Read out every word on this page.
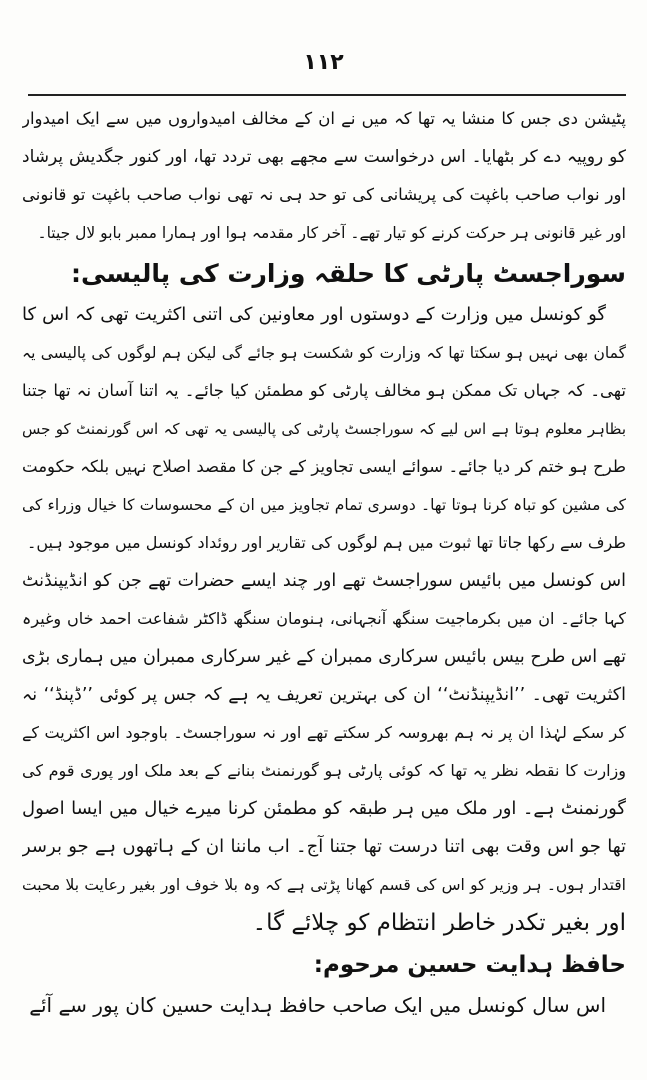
۱۱۲
پٹیشن دی جس کا منشا یہ تھا کہ میں نے ان کے مخالف امیدواروں میں سے ایک امیدوار
کو روپیہ دے کر بٹھایا۔ اس درخواست سے مجھے بھی تردد تھا، اور کنور جگدیش پرشاد
اور نواب صاحب باغپت کی پریشانی کی تو حد ہی نہ تھی نواب صاحب باغپت تو قانونی
اور غیر قانونی ہر حرکت کرنے کو تیار تھے۔ آخر کار مقدمہ ہوا اور ہمارا ممبر بابو لال جیتا۔
سوراجسٹ پارٹی کا حلقہ وزارت کی پالیسی:
گو کونسل میں وزارت کے دوستوں اور معاونین کی اتنی اکثریت تھی کہ اس کا
گمان بھی نہیں ہو سکتا تھا کہ وزارت کو شکست ہو جائے گی لیکن ہم لوگوں کی پالیسی یہ
تھی۔ کہ جہاں تک ممکن ہو مخالف پارٹی کو مطمئن کیا جائے۔ یہ اتنا آسان نہ تھا جتنا
بظاہر معلوم ہوتا ہے اس لیے کہ سوراجسٹ پارٹی کی پالیسی یہ تھی کہ اس گورنمنٹ کو جس
طرح ہو ختم کر دیا جائے۔ سوائے ایسی تجاویز کے جن کا مقصد اصلاح نہیں بلکہ حکومت
کی مشین کو تباہ کرنا ہوتا تھا۔ دوسری تمام تجاویز میں ان کے محسوسات کا خیال وزراء کی
طرف سے رکھا جاتا تھا ثبوت میں ہم لوگوں کی تقاریر اور روئداد کونسل میں موجود ہیں۔
اس کونسل میں بائیس سوراجسٹ تھے اور چند ایسے حضرات تھے جن کو انڈیپنڈنٹ
کہا جائے۔ ان میں بکرماجیت سنگھ آنجہانی، ہنومان سنگھ ڈاکٹر شفاعت احمد خاں وغیرہ
تھے اس طرح بیس بائیس سرکاری ممبران کے غیر سرکاری ممبران میں ہماری بڑی
اکثریت تھی۔ ’’انڈیپنڈنٹ‘‘ ان کی بہترین تعریف یہ ہے کہ جس پر کوئی ’’ڈپنڈ‘‘ نہ
کر سکے لہٰذا ان پر نہ ہم بھروسہ کر سکتے تھے اور نہ سوراجسٹ۔ باوجود اس اکثریت کے
وزارت کا نقطہ نظر یہ تھا کہ کوئی پارٹی ہو گورنمنٹ بنانے کے بعد ملک اور پوری قوم کی
گورنمنٹ ہے۔ اور ملک میں ہر طبقہ کو مطمئن کرنا میرے خیال میں ایسا اصول
تھا جو اس وقت بھی اتنا درست تھا جتنا آج۔ اب ماننا ان کے ہاتھوں ہے جو برسر
اقتدار ہوں۔ ہر وزیر کو اس کی قسم کھانا پڑتی ہے کہ وہ بلا خوف اور بغیر رعایت بلا محبت
اور بغیر تکدر خاطر انتظام کو چلائے گا۔
حافظ ہدایت حسین مرحوم:
اس سال کونسل میں ایک صاحب حافظ ہدایت حسین کان پور سے آئے
